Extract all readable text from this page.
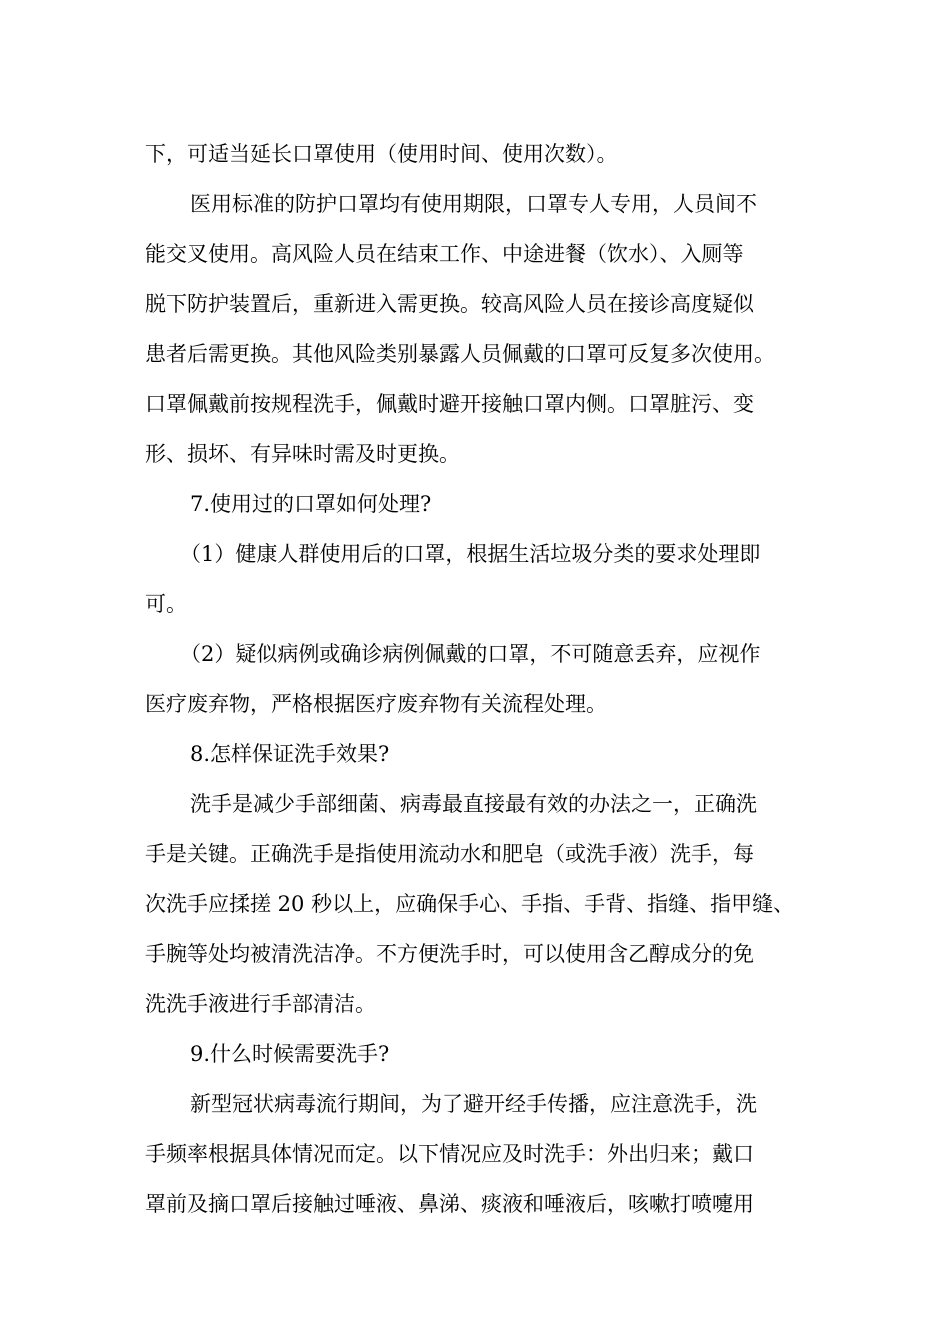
下，可适当延长口罩使用（使用时间、使用次数）。
医用标准的防护口罩均有使用期限，口罩专人专用，人员间不
能交叉使用。高风险人员在结束工作、中途进餐（饮水）、入厕等
脱下防护装置后，重新进入需更换。较高风险人员在接诊高度疑似
患者后需更换。其他风险类别暴露人员佩戴的口罩可反复多次使用。
口罩佩戴前按规程洗手，佩戴时避开接触口罩内侧。口罩脏污、变
形、损坏、有异味时需及时更换。
7.使用过的口罩如何处理?
（1）健康人群使用后的口罩，根据生活垃圾分类的要求处理即
可。
（2）疑似病例或确诊病例佩戴的口罩，不可随意丢弃，应视作
医疗废弃物，严格根据医疗废弃物有关流程处理。
8.怎样保证洗手效果?
洗手是减少手部细菌、病毒最直接最有效的办法之一，正确洗
手是关键。正确洗手是指使用流动水和肥皂（或洗手液）洗手，每
次洗手应揉搓 20 秒以上，应确保手心、手指、手背、指缝、指甲缝、
手腕等处均被清洗洁净。不方便洗手时，可以使用含乙醇成分的免
洗洗手液进行手部清洁。
9.什么时候需要洗手?
新型冠状病毒流行期间，为了避开经手传播，应注意洗手，洗
手频率根据具体情况而定。以下情况应及时洗手：外出归来；戴口
罩前及摘口罩后接触过唾液、鼻涕、痰液和唾液后，咳嗽打喷嚏用
